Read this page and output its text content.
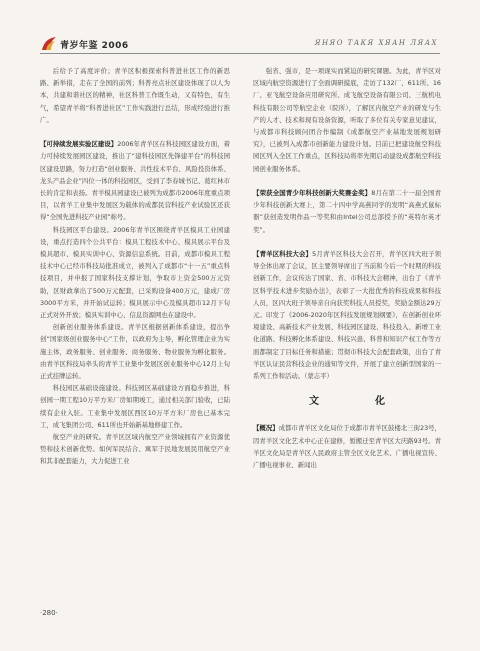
青岁年鉴 2006	ЯНЯО ТАКЯ ХЯАН ЛЯАХ

后给予了高度评价；青羊区积极探索科普进社区工作的新思路、新举措，走在了全国的前列；科普亮点社区建设体现了以人为本，共建和谐社区的精神，社区科普工作既生动，又有特色，有生气，希望青羊将“科普进社区”工作实践进行总结，形成经验进行推广。

【可持续发展实验区建设】2006年青羊区在科技园区建设方面，着力可持续发展园区建设，推出了“建科技园区先锋建平台”的科技园区建设思路，努力打造“创业服务、共性技术平台、风险投资体系、龙头产品企业”四位一体的科技园区，受到了李春城书记、葛红林市长的肯定和表扬。青羊模具园建设已被列为成都市2006年度重点项目，以青羊工业集中发展区为载体的成都民营科技产业试验区还获得“全国先进科技产业园”称号。

科技园区平台建设。2006年青羊区围绕青羊区模具工业园建设，重点打造四个公共平台：模具工程技术中心、模具展示平台及模具超市、模具实训中心、资源信息系统。目前，成都市模具工程技术中心已经市科技局批准成立，被列入了成都市“十一五”重点科技项目，并申报了国家科技支撑计划，争取市上资金500万元资助，区财政拿出了500万元配套，已采购设备400万元，建成厂房3000平方米，并开始试运转；模具展示中心及模具超市12月下旬正式对外开放；模具实训中心、信息资源网也在建设中。

创新创业服务体系建设。青羊区根据创新体系建设，提出争创“国家级创业服务中心”工作，以政府为主导，孵化管理企业为实施主体，政务服务、创业服务、商务服务、物业服务为孵化服务。由青羊区科技局牵头的青羊工业集中发展区创业服务中心12月上旬正式挂牌运转。

科技园区基础设施建设。科技园区基础建设方面稳步推进，科创园一期工程10万平方米厂房如期竣工，通过相关部门验收，已陆续有企业入驻。工业集中发展区西区10万平方米厂房也已基本完工，成飞集团公司、611所也开始新基地修建工作。

航空产业的研究。青羊区区域内航空产业领域拥有产业资源优势和技术创新优势。如何军民结合、寓军于民地发展民用航空产业和其非配套能力，大力促进工业

强省、强市，是一项现实而紧迫的研究课题。为此，青羊区对区域内航空资源进行了全面调研摸底，走访了132厂、611所、16厂、亚飞航空设备应用研究所、成飞航空设备有限公司、三航机电科技有限公司等航空企业（院所），了解区内航空产业的研发与生产的人才、技术和现有设备资源，听取了多位有关专家意见建议，与成都市科技顾问团合作编制《成都航空产业基地发展规划研究》，已被列入成都市创新能力建设计划。目前已把建设航空科技园区列入全区工作重点，区科技局将率先期启动建设成都航空科技园创业服务体系。

【荣获全国青少年科技创新大奖赛金奖】8月在第二十一届全国青少年科技创新大赛上，第二十四中学高燕同学的发明“高燕式鼠标器”获创造发明作品一等奖和由Intel公司总部授予的“英特尔英才奖”。

【青羊区科技大会】5月青羊区科技大会召开，青羊区四大班子领导全体出席了会议，区主要领导席出了当前和今后一个时期的科技创新工作，会议传达了国家、省、市科技大会精神，出台了《青羊区科学技术进步奖励办法》，表彰了一大批优秀的科技成果和科技人员，区四大班子领导亲自向获奖科技人员授奖，奖励金额达29万元。印发了《2006-2020年区科技发展规划纲要》，在创新创业环境建设、高新技术产业发展、科技园区建设、科技投入、新增工业化道路、科技孵化体系建设、科技兴患、科普和知识产权工作等方面都制定了目标任务和措施；贯彻市科技大会配套政策，出台了青羊区认证民营科技企业的通知等文件，开展了建立创新型国家的一系列工作和活动。（蒙志平）

文　　化

【概况】成都市青羊区文化局位于成都市青羊区鼓楼北三街23号，因青羊区文化艺术中心正在建修，暂搬迁至青羊区大庆路93号。青羊区文化局是青羊区人民政府主管全区文化艺术、广播电视宣传、广播电视事业、新闻出

·280·
